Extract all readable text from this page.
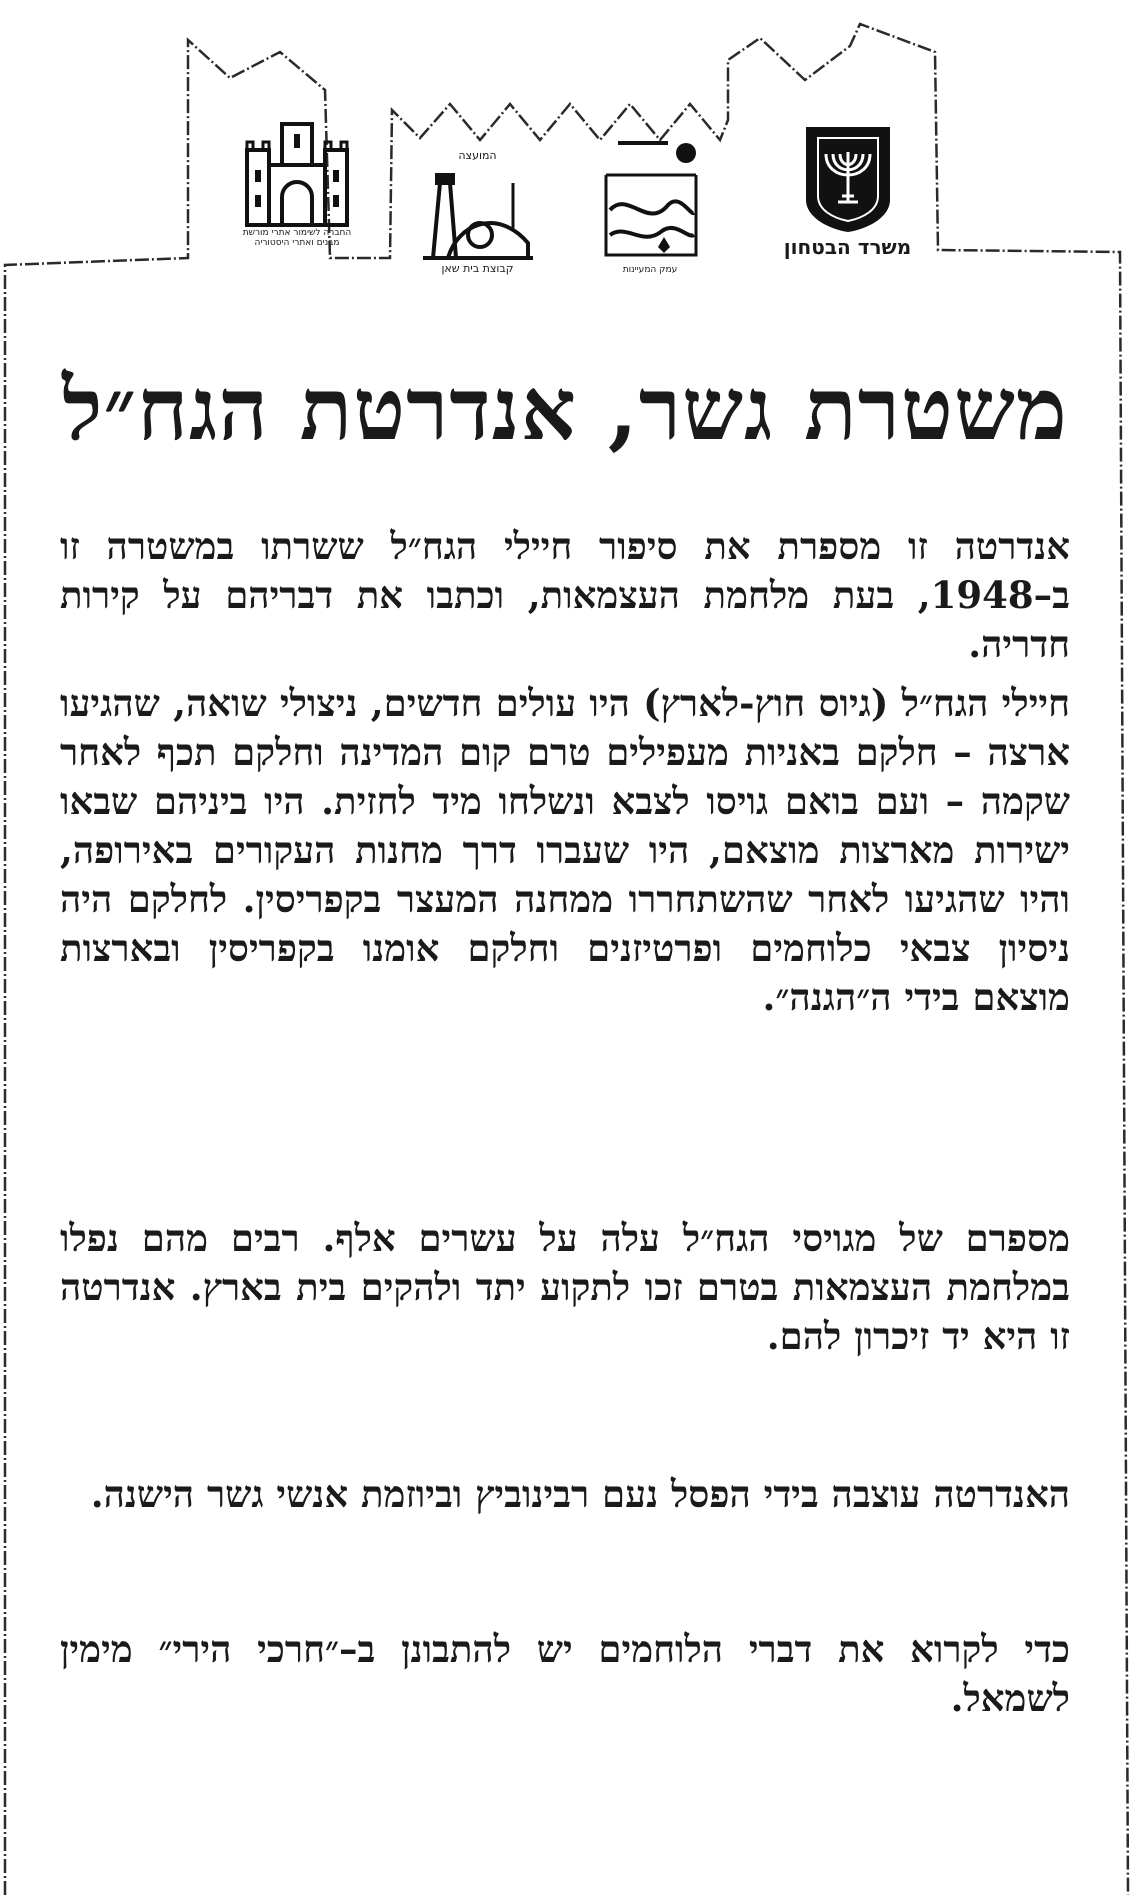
החברה לשימור אתרי מורשת
מבנים ואתרי היסטוריה
המועצה
קבוצת בית שאן	עמק המעיינות
משרד הבטחון
משטרת גשר, אנדרטת הגח״ל

אנדרטה זו מספרת את סיפור חיילי הגח״ל ששרתו במשטרה זו ב–1948, בעת מלחמת העצמאות, וכתבו את דבריהם על קירות חדריה.

חיילי הגח״ל (גיוס חוץ-לארץ) היו עולים חדשים, ניצולי שואה, שהגיעו ארצה – חלקם באניות מעפילים טרם קום המדינה וחלקם תכף לאחר שקמה – ועם בואם גויסו לצבא ונשלחו מיד לחזית. היו ביניהם שבאו ישירות מארצות מוצאם, היו שעברו דרך מחנות העקורים באירופה, והיו שהגיעו לאחר שהשתחררו ממחנה המעצר בקפריסין. לחלקם היה ניסיון צבאי כלוחמים ופרטיזנים וחלקם אומנו בקפריסין ובארצות מוצאם בידי ה״הגנה״.

מספרם של מגויסי הגח״ל עלה על עשרים אלף. רבים מהם נפלו במלחמת העצמאות בטרם זכו לתקוע יתד ולהקים בית בארץ. אנדרטה זו היא יד זיכרון להם.

האנדרטה עוצבה בידי הפסל נעם רבינוביץ וביוזמת אנשי גשר הישנה.

כדי לקרוא את דברי הלוחמים יש להתבונן ב–״חרכי הירי״ מימין לשמאל.
